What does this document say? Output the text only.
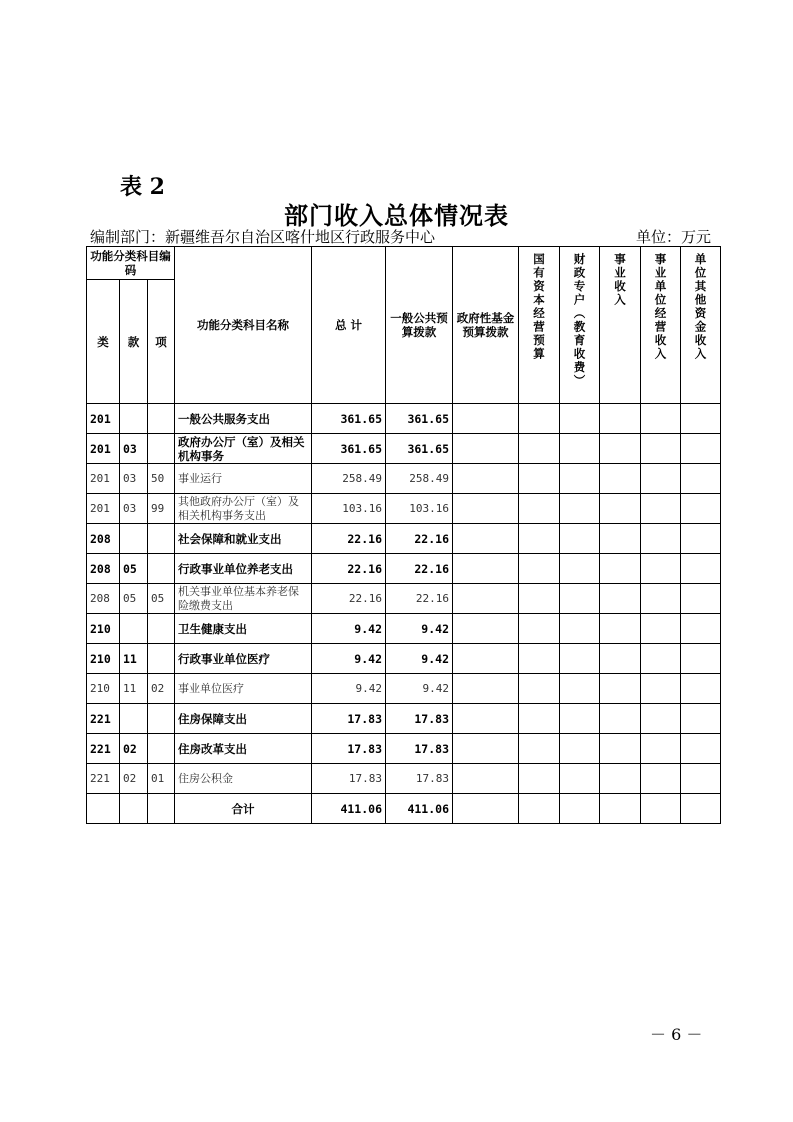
表 2
部门收入总体情况表
编制部门：新疆维吾尔自治区喀什地区行政服务中心	单位：万元
功能分类科目编码			功能分类科目名称	总 计	一般公共预算拨款	政府性基金预算拨款	国有资本经营预算	财政专户（教育收费）	事业收入	事业单位经营收入	单位其他资金收入

类	款	项									
201			一般公共服务支出	361.65	361.65						
201	03		政府办公厅（室）及相关机构事务	361.65	361.65						
201	03	50	事业运行	258.49	258.49						
201	03	99	其他政府办公厅（室）及相关机构事务支出	103.16	103.16						
208			社会保障和就业支出	22.16	22.16						
208	05		行政事业单位养老支出	22.16	22.16						
208	05	05	机关事业单位基本养老保险缴费支出	22.16	22.16						
210			卫生健康支出	9.42	9.42						
210	11		行政事业单位医疗	9.42	9.42						
210	11	02	事业单位医疗	9.42	9.42						
221			住房保障支出	17.83	17.83						
221	02		住房改革支出	17.83	17.83						
221	02	01	住房公积金	17.83	17.83						
			合计	411.06	411.06						
－ 6 －
